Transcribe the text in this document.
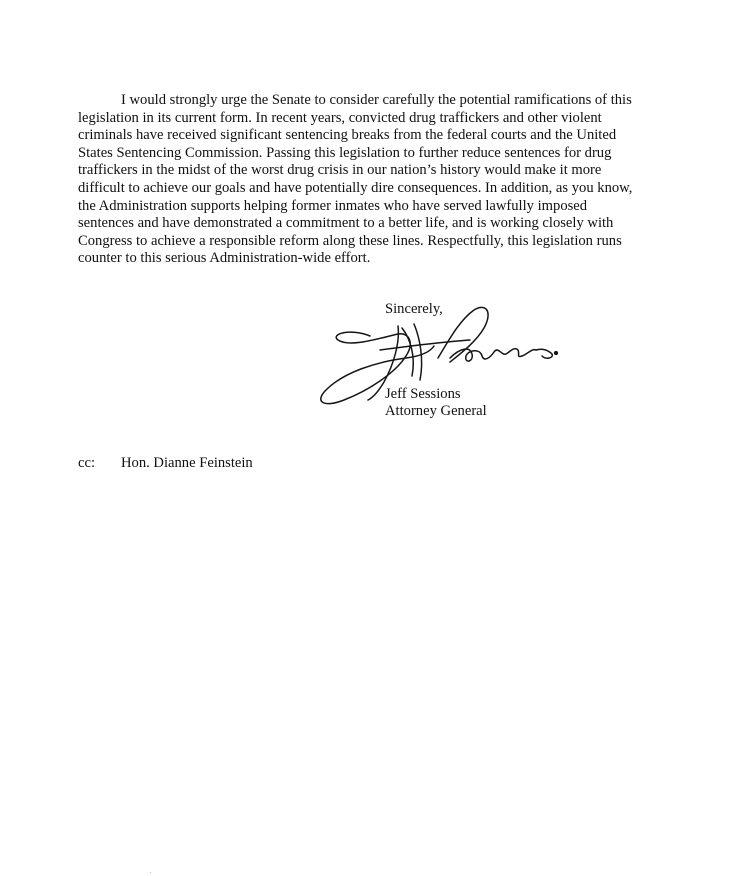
I would strongly urge the Senate to consider carefully the potential ramifications of this
legislation in its current form. In recent years, convicted drug traffickers and other violent
criminals have received significant sentencing breaks from the federal courts and the United
States Sentencing Commission. Passing this legislation to further reduce sentences for drug
traffickers in the midst of the worst drug crisis in our nation’s history would make it more
difficult to achieve our goals and have potentially dire consequences. In addition, as you know,
the Administration supports helping former inmates who have served lawfully imposed
sentences and have demonstrated a commitment to a better life, and is working closely with
Congress to achieve a responsible reform along these lines. Respectfully, this legislation runs
counter to this serious Administration-wide effort.

Sincerely,
Jeff Sessions
Attorney General
cc: Hon. Dianne Feinstein
